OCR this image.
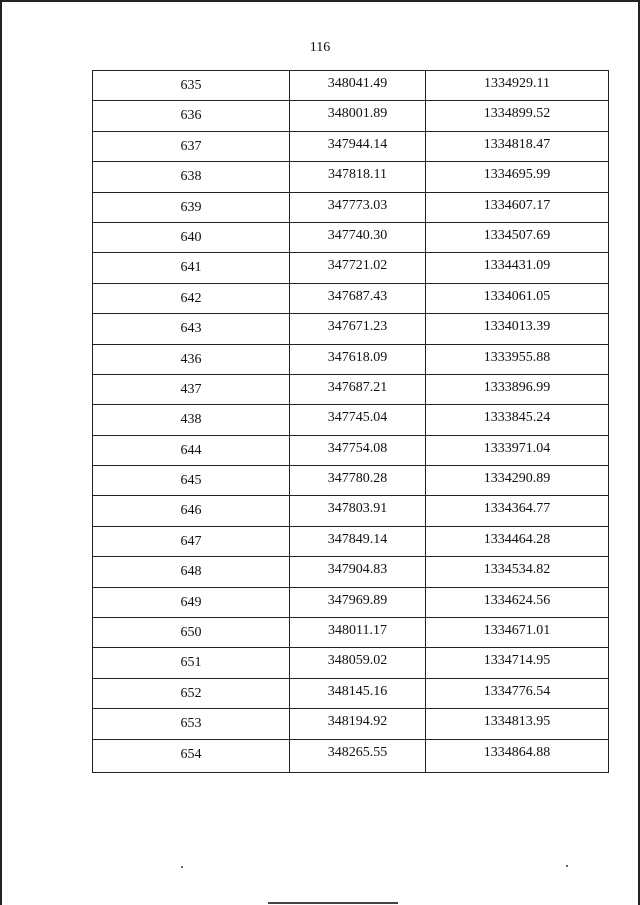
116
635	348041.49	1334929.11
636	348001.89	1334899.52
637	347944.14	1334818.47
638	347818.11	1334695.99
639	347773.03	1334607.17
640	347740.30	1334507.69
641	347721.02	1334431.09
642	347687.43	1334061.05
643	347671.23	1334013.39
436	347618.09	1333955.88
437	347687.21	1333896.99
438	347745.04	1333845.24
644	347754.08	1333971.04
645	347780.28	1334290.89
646	347803.91	1334364.77
647	347849.14	1334464.28
648	347904.83	1334534.82
649	347969.89	1334624.56
650	348011.17	1334671.01
651	348059.02	1334714.95
652	348145.16	1334776.54
653	348194.92	1334813.95
654	348265.55	1334864.88
